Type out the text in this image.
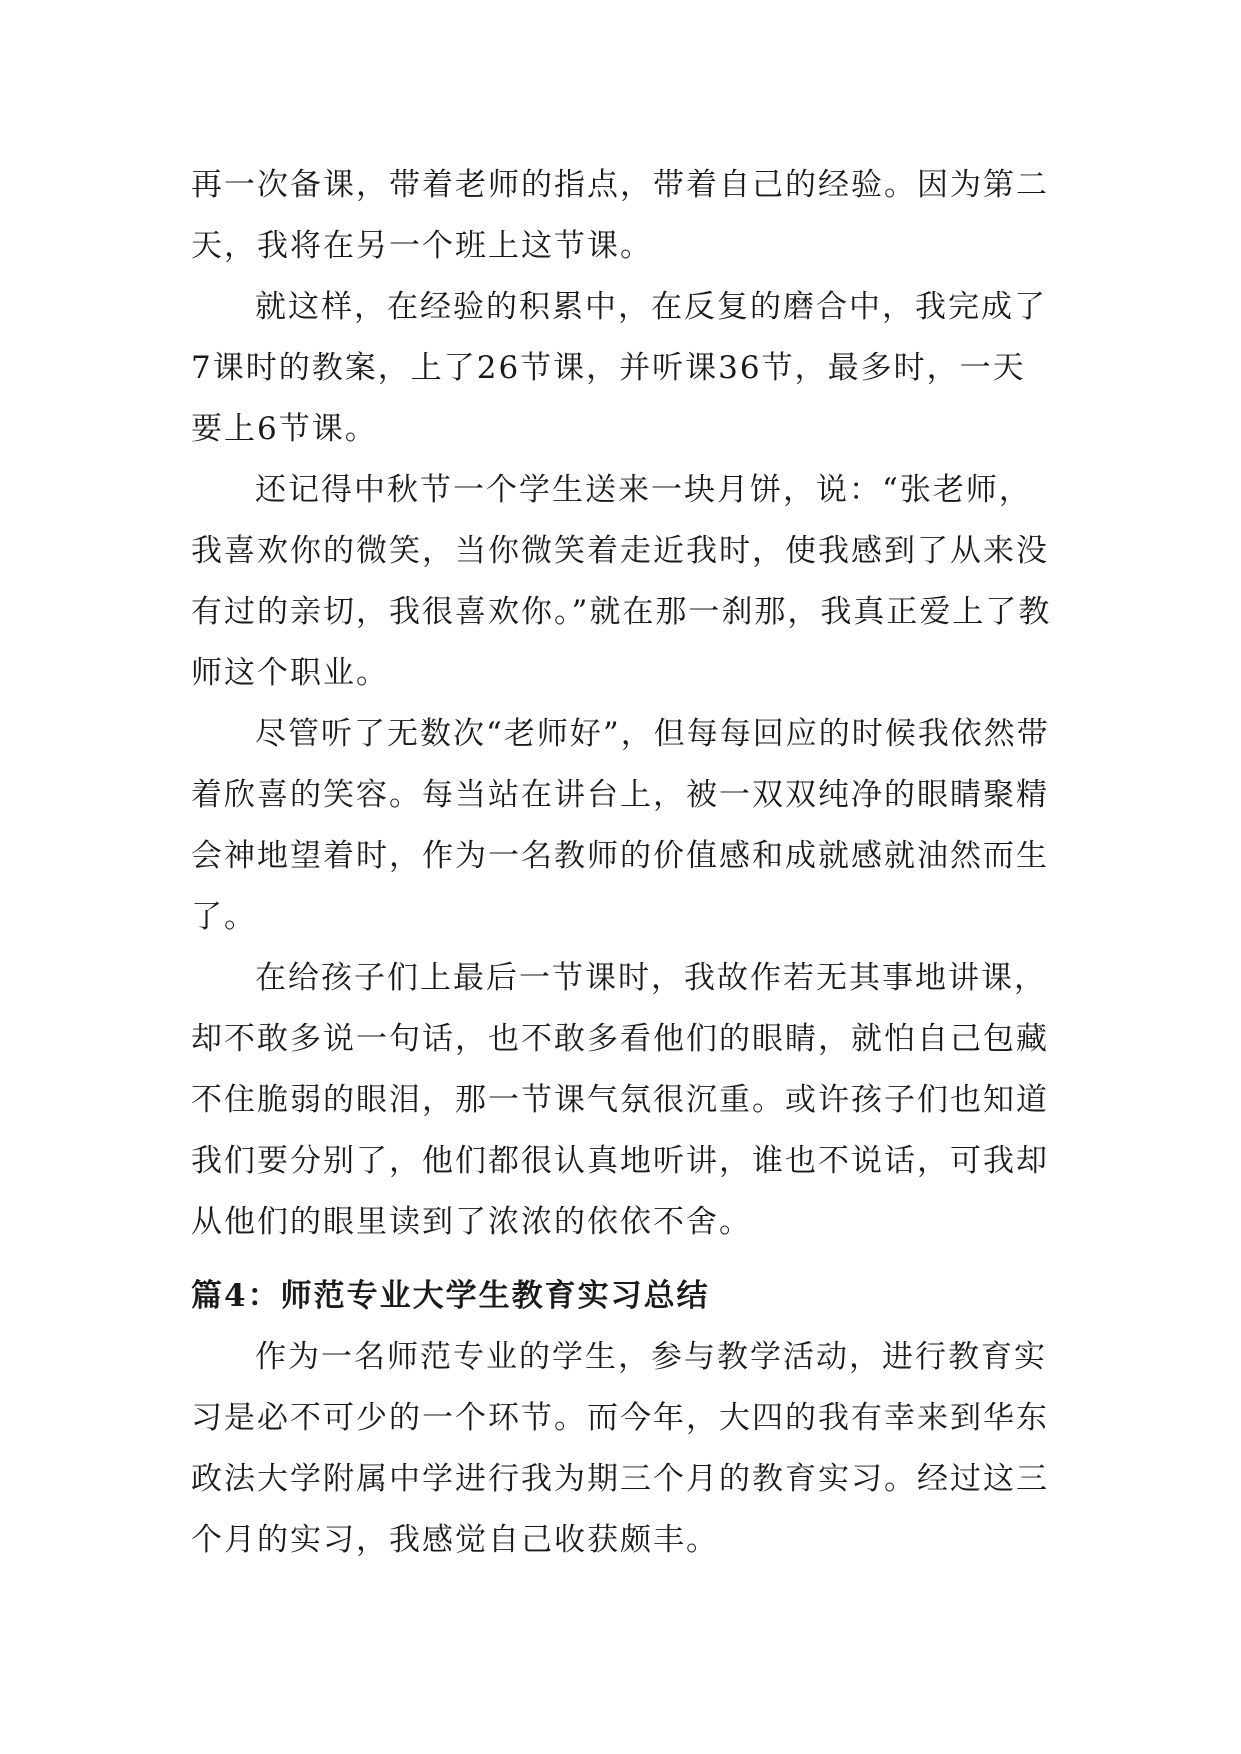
再一次备课，带着老师的指点，带着自己的经验。因为第二天，我将在另一个班上这节课。

就这样，在经验的积累中，在反复的磨合中，我完成了7课时的教案，上了26节课，并听课36节，最多时，一天要上6节课。

还记得中秋节一个学生送来一块月饼，说：“张老师，我喜欢你的微笑，当你微笑着走近我时，使我感到了从来没有过的亲切，我很喜欢你。”就在那一刹那，我真正爱上了教师这个职业。

尽管听了无数次“老师好”，但每每回应的时候我依然带着欣喜的笑容。每当站在讲台上，被一双双纯净的眼睛聚精会神地望着时，作为一名教师的价值感和成就感就油然而生了。

在给孩子们上最后一节课时，我故作若无其事地讲课，却不敢多说一句话，也不敢多看他们的眼睛，就怕自己包藏不住脆弱的眼泪，那一节课气氛很沉重。或许孩子们也知道我们要分别了，他们都很认真地听讲，谁也不说话，可我却从他们的眼里读到了浓浓的依依不舍。

篇4：师范专业大学生教育实习总结

作为一名师范专业的学生，参与教学活动，进行教育实习是必不可少的一个环节。而今年，大四的我有幸来到华东政法大学附属中学进行我为期三个月的教育实习。经过这三个月的实习，我感觉自己收获颇丰。
